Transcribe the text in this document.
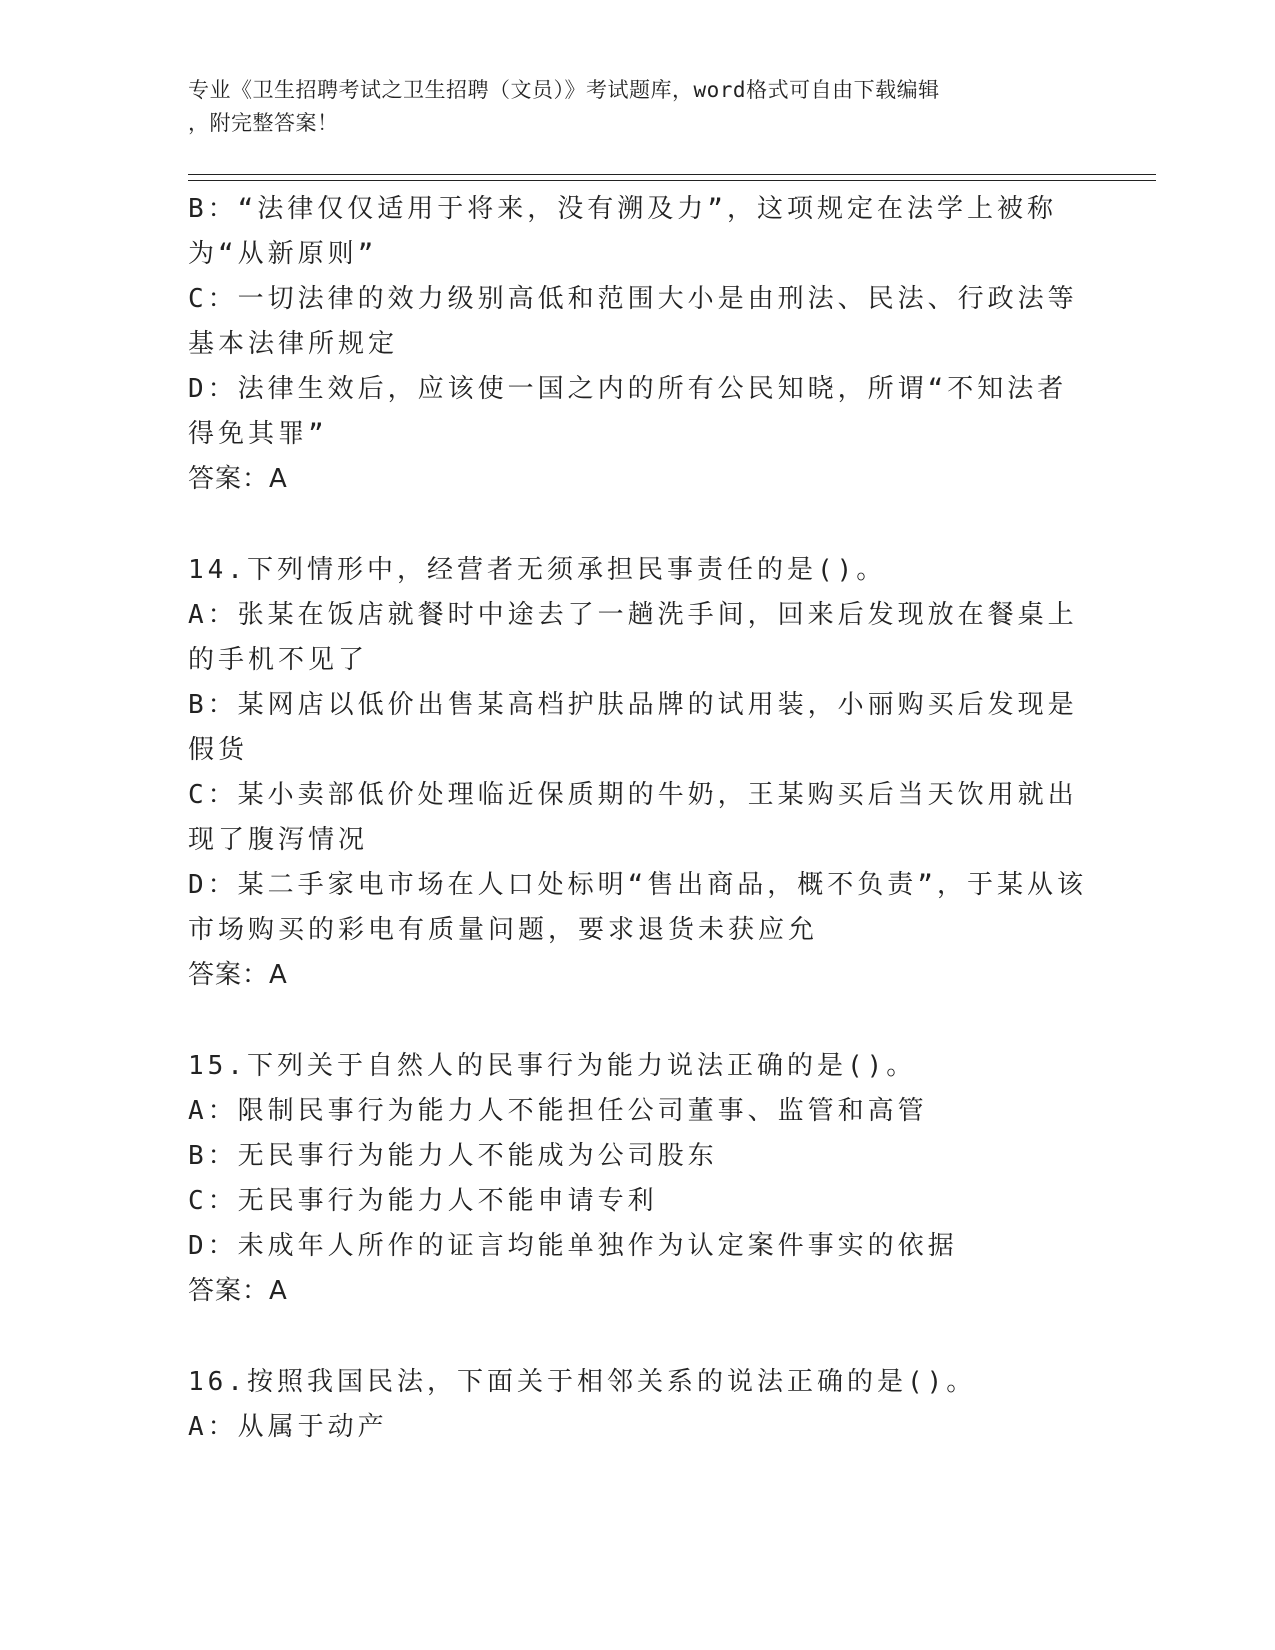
专业《卫生招聘考试之卫生招聘（文员）》考试题库，word格式可自由下载编辑
，附完整答案！
B：“法律仅仅适用于将来，没有溯及力”，这项规定在法学上被称为“从新原则”
C：一切法律的效力级别高低和范围大小是由刑法、民法、行政法等基本法律所规定
D：法律生效后，应该使一国之内的所有公民知晓，所谓“不知法者得免其罪”
答案：A
14.下列情形中，经营者无须承担民事责任的是()。
A：张某在饭店就餐时中途去了一趟洗手间，回来后发现放在餐桌上的手机不见了
B：某网店以低价出售某高档护肤品牌的试用装，小丽购买后发现是假货
C：某小卖部低价处理临近保质期的牛奶，王某购买后当天饮用就出现了腹泻情况
D：某二手家电市场在人口处标明“售出商品，概不负责”，于某从该市场购买的彩电有质量问题，要求退货未获应允
答案：A
15.下列关于自然人的民事行为能力说法正确的是()。
A：限制民事行为能力人不能担任公司董事、监管和高管
B：无民事行为能力人不能成为公司股东
C：无民事行为能力人不能申请专利
D：未成年人所作的证言均能单独作为认定案件事实的依据
答案：A
16.按照我国民法，下面关于相邻关系的说法正确的是()。
A：从属于动产
